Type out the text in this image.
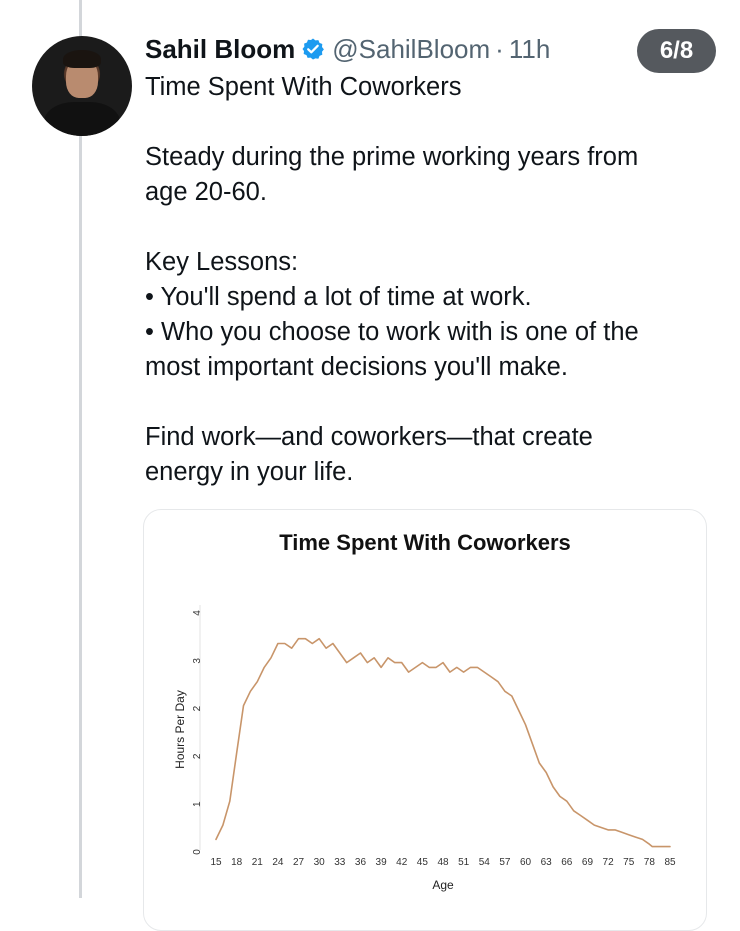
Sahil Bloom @SahilBloom · 11h	6/8

Time Spent With Coworkers

Steady during the prime working years from

age 20-60.

Key Lessons:

• You'll spend a lot of time at work.

• Who you choose to work with is one of the

most important decisions you'll make.

Find work—and coworkers—that create

energy in your life.

Time Spent With Coworkers
0
1
2
2
3
4
Hours Per Day
15 18 21 24 27 30 33 36 39 42 45 48 51 54 57 60 63 66 69 72 75 78 85
Age
